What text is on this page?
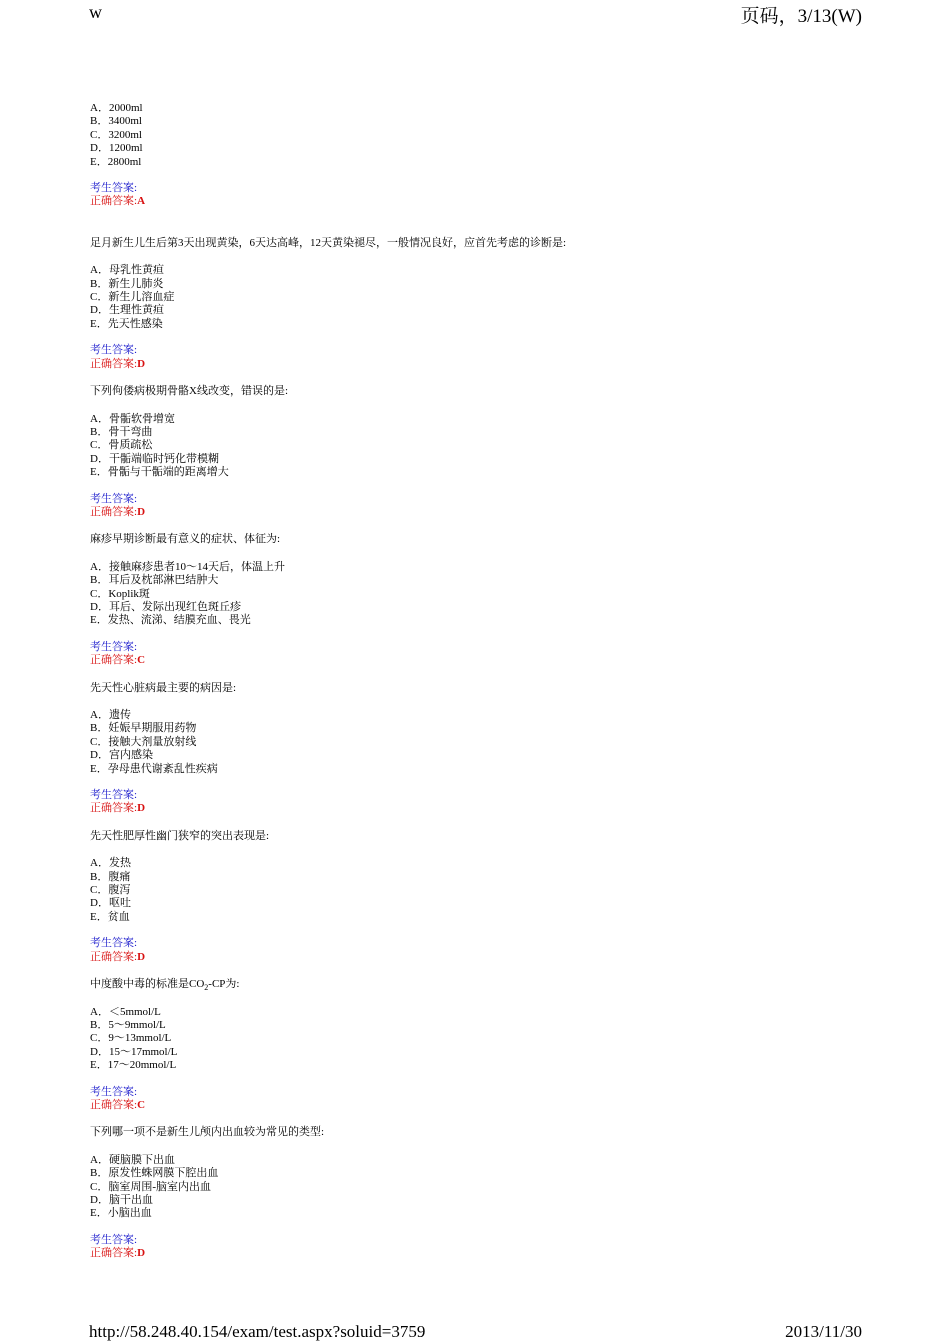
w	页码，3/13(W)
A．2000ml
B．3400ml
C．3200ml
D．1200ml
E．2800ml
考生答案:
正确答案:A
足月新生儿生后第3天出现黄染，6天达高峰，12天黄染褪尽，一般情况良好，应首先考虑的诊断是:
A．母乳性黄疸
B．新生儿肺炎
C．新生儿溶血症
D．生理性黄疸
E．先天性感染
考生答案:
正确答案:D
下列佝偻病极期骨骼X线改变，错误的是:
A．骨骺软骨增宽
B．骨干弯曲
C．骨质疏松
D．干骺端临时钙化带模糊
E．骨骺与干骺端的距离增大
考生答案:
正确答案:D
麻疹早期诊断最有意义的症状、体征为:
A．接触麻疹患者10～14天后，体温上升
B．耳后及枕部淋巴结肿大
C．Koplik斑
D．耳后、发际出现红色斑丘疹
E．发热、流涕、结膜充血、畏光
考生答案:
正确答案:C
先天性心脏病最主要的病因是:
A．遗传
B．妊娠早期服用药物
C．接触大剂量放射线
D．宫内感染
E．孕母患代谢紊乱性疾病
考生答案:
正确答案:D
先天性肥厚性幽门狭窄的突出表现是:
A．发热
B．腹痛
C．腹泻
D．呕吐
E．贫血
考生答案:
正确答案:D
中度酸中毒的标准是$CO_2-CP$为:
A．＜5mmol/L
B．5～9mmol/L
C．9～13mmol/L
D．15～17mmol/L
E．17～20mmol/L
考生答案:
正确答案:C
下列哪一项不是新生儿颅内出血较为常见的类型:
A．硬脑膜下出血
B．原发性蛛网膜下腔出血
C．脑室周围-脑室内出血
D．脑干出血
E．小脑出血
考生答案:
正确答案:D
http://58.248.40.154/exam/test.aspx?soluid=3759	2013/11/30
